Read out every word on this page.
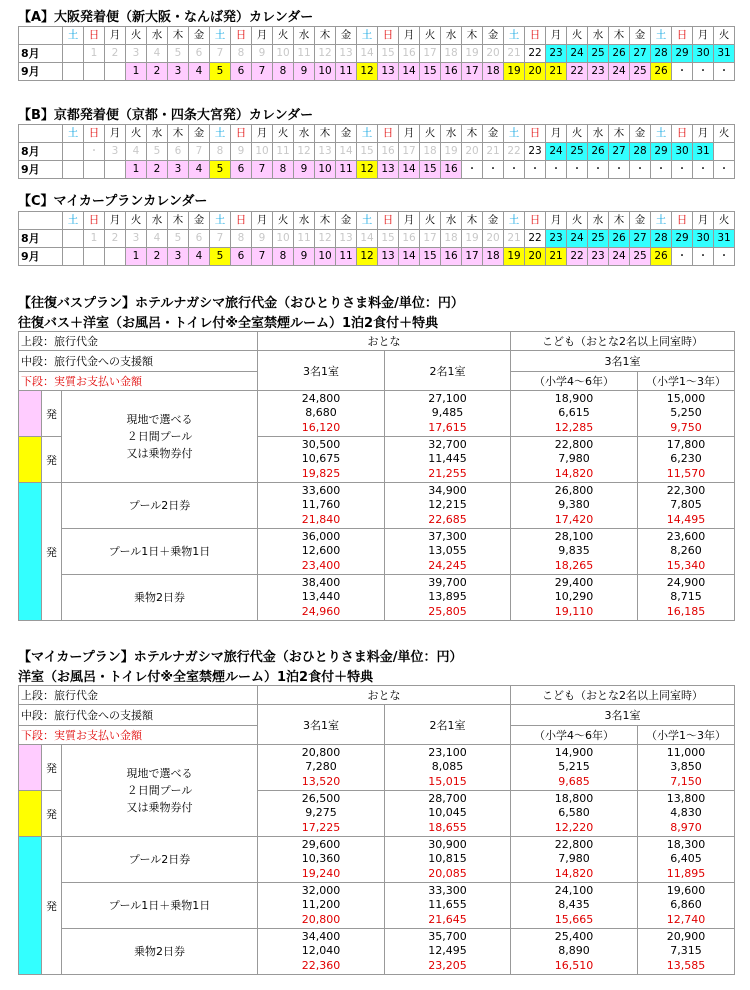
【A】大阪発着便（新大阪・なんば発）カレンダー
	土	日	月	火	水	木	金	土	日	月	火	水	木	金	土	日	月	火	水	木	金	土	日	月	火	水	木	金	土	日	月	火
8月		1	2	3	4	5	6	7	8	9	10	11	12	13	14	15	16	17	18	19	20	21	22	23	24	25	26	27	28	29	30	31
9月				1	2	3	4	5	6	7	8	9	10	11	12	13	14	15	16	17	18	19	20	21	22	23	24	25	26	・	・	・
【B】京都発着便（京都・四条大宮発）カレンダー
	土	日	月	火	水	木	金	土	日	月	火	水	木	金	土	日	月	火	水	木	金	土	日	月	火	水	木	金	土	日	月	火
8月		・	3	4	5	6	7	8	9	10	11	12	13	14	15	16	17	18	19	20	21	22	23	24	25	26	27	28	29	30	31	
9月				1	2	3	4	5	6	7	8	9	10	11	12	13	14	15	16	・	・	・	・	・	・	・	・	・	・	・	・	・
【C】マイカープランカレンダー
	土	日	月	火	水	木	金	土	日	月	火	水	木	金	土	日	月	火	水	木	金	土	日	月	火	水	木	金	土	日	月	火
8月		1	2	3	4	5	6	7	8	9	10	11	12	13	14	15	16	17	18	19	20	21	22	23	24	25	26	27	28	29	30	31
9月				1	2	3	4	5	6	7	8	9	10	11	12	13	14	15	16	17	18	19	20	21	22	23	24	25	26	・	・	・
【往復バスプラン】ホテルナガシマ旅行代金（おひとりさま料金/単位：円）
往復バス＋洋室（お風呂・トイレ付※全室禁煙ルーム）1泊2食付＋特典
上段：旅行代金			おとな		こども（おとな2名以上同室時）	
中段：旅行代金への支援額			3名1室	2名1室	3名1室	
下段：実質お支払い金額					（小学4～6年）	（小学1～3年）
	発	現地で選べる
２日間プール
又は乗物券付	24,800
8,680
16,120	27,100
9,485
17,615	18,900
6,615
12,285	15,000
5,250
9,750

	発		30,500
10,675
19,825	32,700
11,445
21,255	22,800
7,980
14,820	17,800
6,230
11,570

	発	プール2日券	33,600
11,760
21,840	34,900
12,215
22,685	26,800
9,380
17,420	22,300
7,805
14,495

		プール1日＋乗物1日	36,000
12,600
23,400	37,300
13,055
24,245	28,100
9,835
18,265	23,600
8,260
15,340

		乗物2日券	38,400
13,440
24,960	39,700
13,895
25,805	29,400
10,290
19,110	24,900
8,715
16,185
【マイカープラン】ホテルナガシマ旅行代金（おひとりさま料金/単位：円）
洋室（お風呂・トイレ付※全室禁煙ルーム）1泊2食付＋特典
上段：旅行代金			おとな		こども（おとな2名以上同室時）	
中段：旅行代金への支援額			3名1室	2名1室	3名1室	
下段：実質お支払い金額					（小学4～6年）	（小学1～3年）
	発	現地で選べる
２日間プール
又は乗物券付	20,800
7,280
13,520	23,100
8,085
15,015	14,900
5,215
9,685	11,000
3,850
7,150

	発		26,500
9,275
17,225	28,700
10,045
18,655	18,800
6,580
12,220	13,800
4,830
8,970

	発	プール2日券	29,600
10,360
19,240	30,900
10,815
20,085	22,800
7,980
14,820	18,300
6,405
11,895

		プール1日＋乗物1日	32,000
11,200
20,800	33,300
11,655
21,645	24,100
8,435
15,665	19,600
6,860
12,740

		乗物2日券	34,400
12,040
22,360	35,700
12,495
23,205	25,400
8,890
16,510	20,900
7,315
13,585
